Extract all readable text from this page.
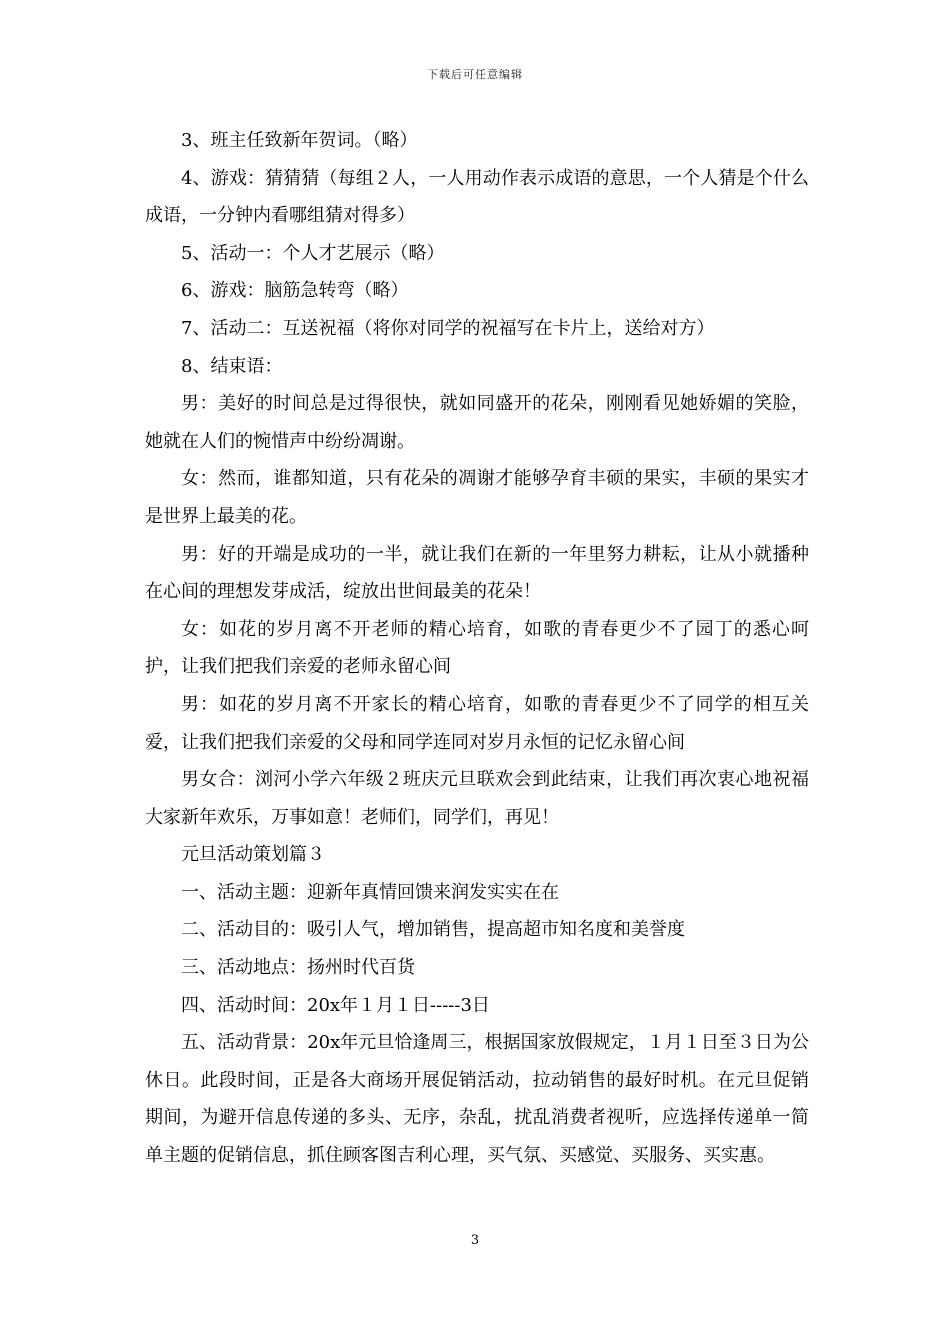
下载后可任意编辑

3、班主任致新年贺词。（略）

4、游戏：猜猜猜（每组２人，一人用动作表示成语的意思，一个人猜是个什么成语，一分钟内看哪组猜对得多）

5、活动一：个人才艺展示（略）

6、游戏：脑筋急转弯（略）

7、活动二：互送祝福（将你对同学的祝福写在卡片上，送给对方）

8、结束语：

男：美好的时间总是过得很快，就如同盛开的花朵，刚刚看见她娇媚的笑脸，她就在人们的惋惜声中纷纷凋谢。

女：然而，谁都知道，只有花朵的凋谢才能够孕育丰硕的果实，丰硕的果实才是世界上最美的花。

男：好的开端是成功的一半，就让我们在新的一年里努力耕耘，让从小就播种在心间的理想发芽成活，绽放出世间最美的花朵！

女：如花的岁月离不开老师的精心培育，如歌的青春更少不了园丁的悉心呵护，让我们把我们亲爱的老师永留心间

男：如花的岁月离不开家长的精心培育，如歌的青春更少不了同学的相互关爱，让我们把我们亲爱的父母和同学连同对岁月永恒的记忆永留心间

男女合：浏河小学六年级２班庆元旦联欢会到此结束，让我们再次衷心地祝福大家新年欢乐，万事如意！老师们，同学们，再见！

元旦活动策划篇３

一、活动主题：迎新年真情回馈来润发实实在在

二、活动目的：吸引人气，增加销售，提高超市知名度和美誉度

三、活动地点：扬州时代百货

四、活动时间：20x年１月１日-----3日

五、活动背景：20x年元旦恰逢周三，根据国家放假规定，１月１日至３日为公休日。此段时间，正是各大商场开展促销活动，拉动销售的最好时机。在元旦促销期间，为避开信息传递的多头、无序，杂乱，扰乱消费者视听，应选择传递单一简单主题的促销信息，抓住顾客图吉利心理，买气氛、买感觉、买服务、买实惠。

3
